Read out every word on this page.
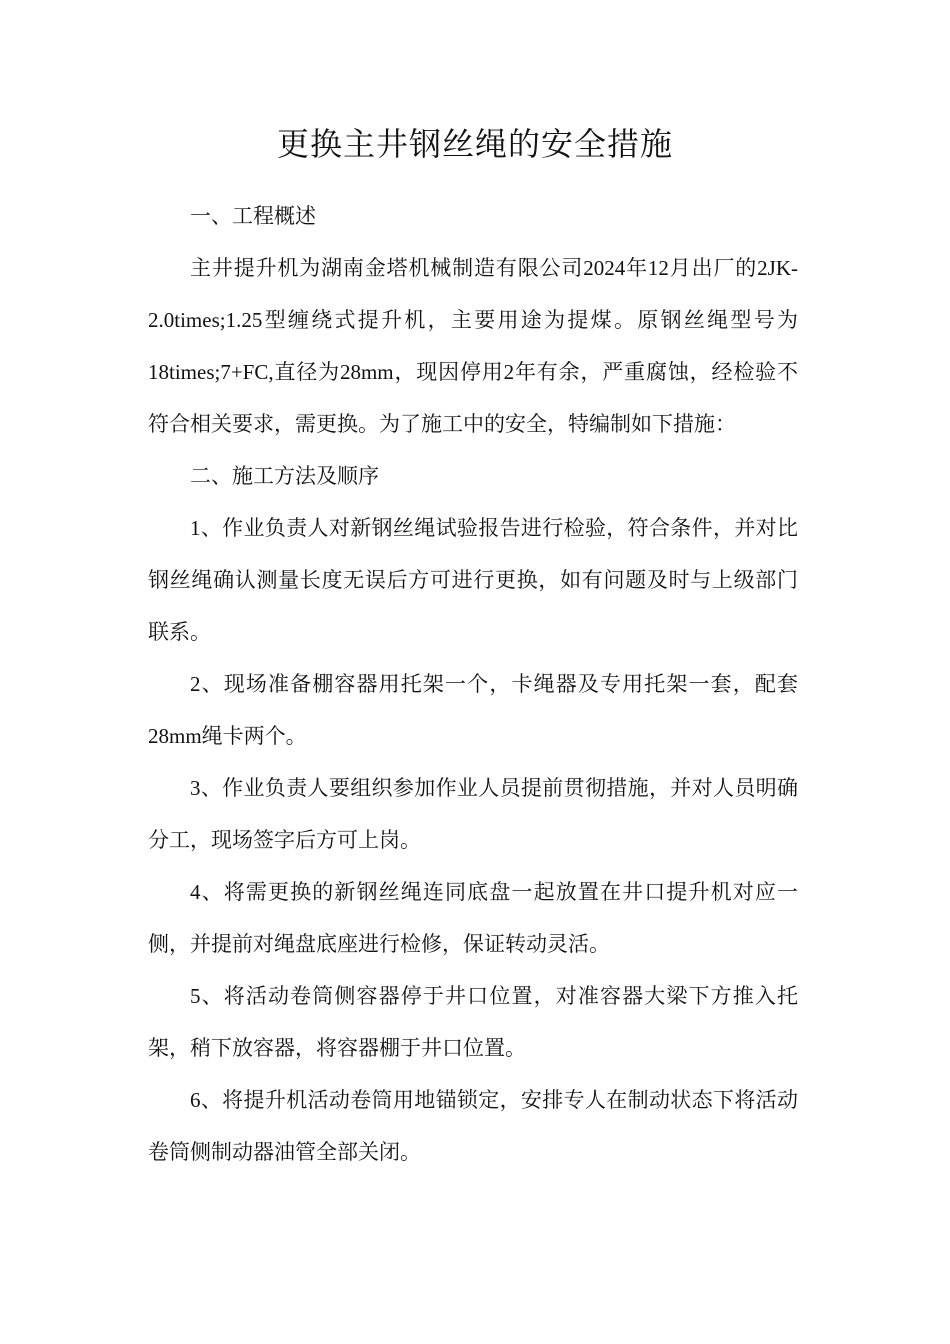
更换主井钢丝绳的安全措施

一、工程概述

主井提升机为湖南金塔机械制造有限公司2024年12月出厂的2JK-2.0times;1.25型缠绕式提升机，主要用途为提煤。原钢丝绳型号为18times;7+FC,直径为28mm，现因停用2年有余，严重腐蚀，经检验不符合相关要求，需更换。为了施工中的安全，特编制如下措施：

二、施工方法及顺序

1、作业负责人对新钢丝绳试验报告进行检验，符合条件，并对比钢丝绳确认测量长度无误后方可进行更换，如有问题及时与上级部门联系。

2、现场准备棚容器用托架一个，卡绳器及专用托架一套，配套28mm绳卡两个。

3、作业负责人要组织参加作业人员提前贯彻措施，并对人员明确分工，现场签字后方可上岗。

4、将需更换的新钢丝绳连同底盘一起放置在井口提升机对应一侧，并提前对绳盘底座进行检修，保证转动灵活。

5、将活动卷筒侧容器停于井口位置，对准容器大梁下方推入托架，稍下放容器，将容器棚于井口位置。

6、将提升机活动卷筒用地锚锁定，安排专人在制动状态下将活动卷筒侧制动器油管全部关闭。
